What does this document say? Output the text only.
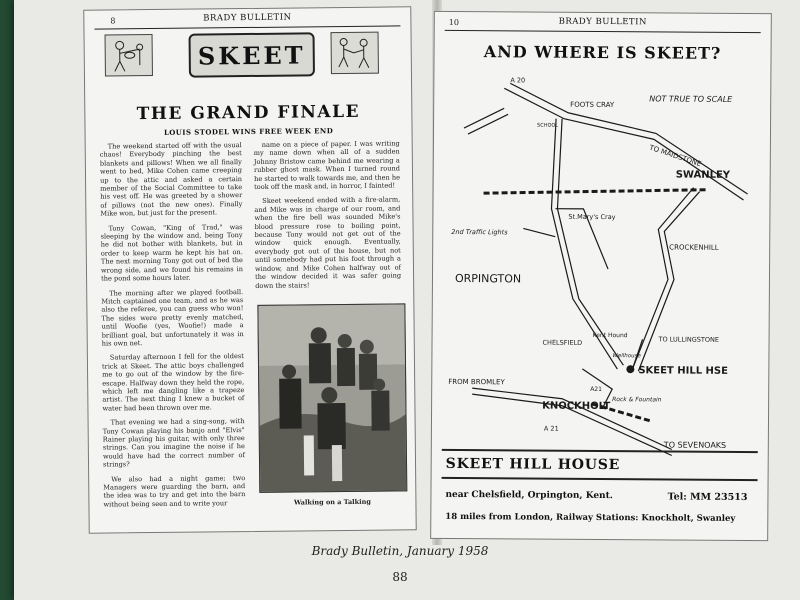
8	BRADY BULLETIN
SKEET
THE GRAND FINALE
LOUIS STODEL WINS FREE WEEK END

The weekend started off with the usual chaos! Everybody pinching the best blankets and pillows! When we all finally went to bed, Mike Cohen came creeping up to the attic and asked a certain member of the Social Committee to take his vest off. He was greeted by a shower of pillows (not the new ones). Finally Mike won, but just for the present.

Tony Cowan, "King of Trad," was sleeping by the window and, being Tony he did not bother with blankets, but in order to keep warm he kept his hat on. The next morning Tony got out of bed the wrong side, and we found his remains in the pond some hours later.

The morning after we played football. Mitch captained one team, and as he was also the referee, you can guess who won! The sides were pretty evenly matched, until Woofie (yes, Woofie!) made a brilliant goal, but unfortunately it was in his own net.

Saturday afternoon I fell for the oldest trick at Skeet. The attic boys challenged me to go out of the window by the fire-escape. Halfway down they held the rope, which left me dangling like a trapeze artist. The next thing I knew a bucket of water had been thrown over me.

That evening we had a sing-song, with Tony Cowan playing his banjo and "Elvis" Rainer playing his guitar, with only three strings. Can you imagine the noise if he would have had the correct number of strings?

We also had a night game; two Managers were guarding the barn, and the idea was to try and get into the barn without being seen and to write your

name on a piece of paper. I was writing my name down when all of a sudden Johnny Bristow came behind me wearing a rubber ghost mask. When I turned round he started to walk towards me, and then he took off the mask and, in horror, I fainted!

Skeet weekend ended with a fire-alarm, and Mike was in charge of our room, and when the fire bell was sounded Mike's blood pressure rose to boiling point, because Tony would not get out of the window quick enough. Eventually, everybody got out of the house, but not until somebody had put his foot through a window, and Mike Cohen halfway out of the window decided it was safer going down the stairs!

Walking on a Talking
10	BRADY BULLETIN
AND WHERE IS SKEET?
NOT TRUE TO SCALE
A 20
SCHOOL
FOOTS CRAY
TO MAIDSTONE
SWANLEY
St.Mary's Cray
2nd Traffic Lights
CROCKENHILL
ORPINGTON
SKEET HILL HSE
CHELSFIELD
Kent Hound	TO LULLINGSTONE
Wellhouse
A21
Rock & Fountain
FROM BROMLEY
KNOCKHOLT
A 21
TO SEVENOAKS
SKEET HILL HOUSE
near Chelsfield, Orpington, Kent.	Tel: MM 23513
18 miles from London, Railway Stations: Knockholt, Swanley
Brady Bulletin, January 1958
88
